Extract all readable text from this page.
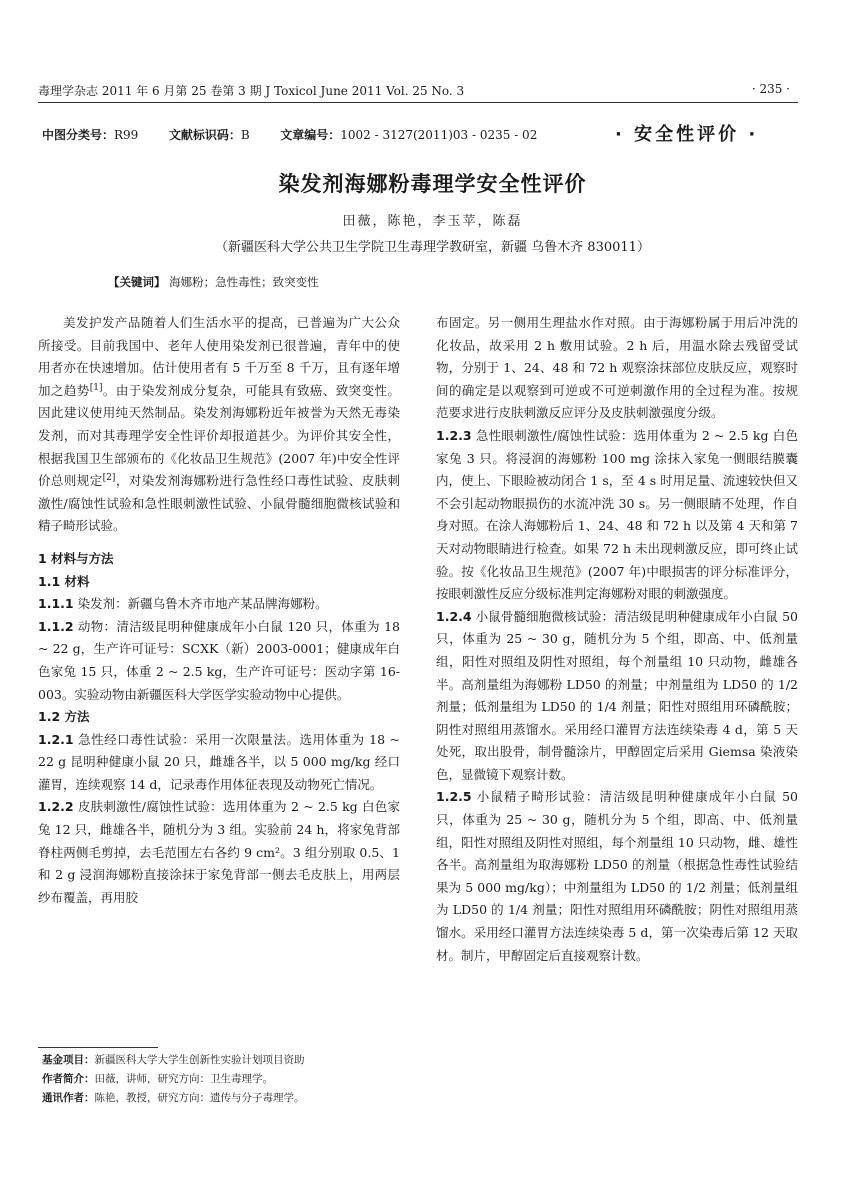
毒理学杂志 2011 年 6 月第 25 卷第 3 期 J Toxicol June 2011 Vol. 25 No. 3	· 235 ·
中图分类号：R99	文献标识码：B	文章编号：1002 - 3127(2011)03 - 0235 - 02	· 安全性评价 ·
染发剂海娜粉毒理学安全性评价
田薇，陈艳，李玉苹，陈磊
（新疆医科大学公共卫生学院卫生毒理学教研室，新疆 乌鲁木齐 830011）
【关键词】 海娜粉；急性毒性；致突变性

美发护发产品随着人们生活水平的提高，已普遍为广大公众所接受。目前我国中、老年人使用染发剂已很普遍，青年中的使用者亦在快速增加。估计使用者有 5 千万至 8 千万，且有逐年增加之趋势[1]。由于染发剂成分复杂，可能具有致癌、致突变性。因此建议使用纯天然制品。染发剂海娜粉近年被誉为天然无毒染发剂，而对其毒理学安全性评价却报道甚少。为评价其安全性，根据我国卫生部颁布的《化妆品卫生规范》(2007 年)中安全性评价总则规定[2]，对染发剂海娜粉进行急性经口毒性试验、皮肤刺激性/腐蚀性试验和急性眼刺激性试验、小鼠骨髓细胞微核试验和精子畸形试验。

1 材料与方法

1.1 材料

1.1.1 染发剂：新疆乌鲁木齐市地产某品牌海娜粉。

1.1.2 动物：清洁级昆明种健康成年小白鼠 120 只，体重为 18 ~ 22 g，生产许可证号：SCXK（新）2003-0001；健康成年白色家兔 15 只，体重 2 ~ 2.5 kg，生产许可证号：医动字第 16-003。实验动物由新疆医科大学医学实验动物中心提供。

1.2 方法

1.2.1 急性经口毒性试验：采用一次限量法。选用体重为 18 ~ 22 g 昆明种健康小鼠 20 只，雌雄各半，以 5 000 mg/kg 经口灌胃，连续观察 14 d，记录毒作用体征表现及动物死亡情况。

1.2.2 皮肤刺激性/腐蚀性试验：选用体重为 2 ~ 2.5 kg 白色家兔 12 只，雌雄各半，随机分为 3 组。实验前 24 h，将家兔背部脊柱两侧毛剪掉，去毛范围左右各约 9 cm²。3 组分别取 0.5、1 和 2 g 浸润海娜粉直接涂抹于家兔背部一侧去毛皮肤上，用两层纱布覆盖，再用胶

布固定。另一侧用生理盐水作对照。由于海娜粉属于用后冲洗的化妆品，故采用 2 h 敷用试验。2 h 后，用温水除去残留受试物，分别于 1、24、48 和 72 h 观察涂抹部位皮肤反应，观察时间的确定是以观察到可逆或不可逆刺激作用的全过程为准。按规范要求进行皮肤刺激反应评分及皮肤刺激强度分级。

1.2.3 急性眼刺激性/腐蚀性试验：选用体重为 2 ~ 2.5 kg 白色家兔 3 只。将浸润的海娜粉 100 mg 涂抹入家兔一侧眼结膜囊内，使上、下眼睑被动闭合 1 s，至 4 s 时用足量、流速较快但又不会引起动物眼损伤的水流冲洗 30 s。另一侧眼睛不处理，作自身对照。在涂人海娜粉后 1、24、48 和 72 h 以及第 4 天和第 7 天对动物眼睛进行检查。如果 72 h 未出现刺激反应，即可终止试验。按《化妆品卫生规范》(2007 年)中眼损害的评分标准评分，按眼刺激性反应分级标准判定海娜粉对眼的刺激强度。

1.2.4 小鼠骨髓细胞微核试验：清洁级昆明种健康成年小白鼠 50 只，体重为 25 ~ 30 g，随机分为 5 个组，即高、中、低剂量组，阳性对照组及阴性对照组，每个剂量组 10 只动物，雌雄各半。高剂量组为海娜粉 LD50 的剂量；中剂量组为 LD50 的 1/2 剂量；低剂量组为 LD50 的 1/4 剂量；阳性对照组用环磷酰胺；阴性对照组用蒸馏水。采用经口灌胃方法连续染毒 4 d，第 5 天处死，取出股骨，制骨髓涂片，甲醇固定后采用 Giemsa 染液染色，显微镜下观察计数。

1.2.5 小鼠精子畸形试验：清洁级昆明种健康成年小白鼠 50 只，体重为 25 ~ 30 g，随机分为 5 个组，即高、中、低剂量组，阳性对照组及阴性对照组，每个剂量组 10 只动物，雌、雄性各半。高剂量组为取海娜粉 LD50 的剂量（根据急性毒性试验结果为 5 000 mg/kg）；中剂量组为 LD50 的 1/2 剂量；低剂量组为 LD50 的 1/4 剂量；阳性对照组用环磷酰胺；阴性对照组用蒸馏水。采用经口灌胃方法连续染毒 5 d，第一次染毒后第 12 天取材。制片，甲醇固定后直接观察计数。

基金项目：新疆医科大学大学生创新性实验计划项目资助
作者简介：田薇，讲师，研究方向：卫生毒理学。
通讯作者：陈艳，教授，研究方向：遗传与分子毒理学。
